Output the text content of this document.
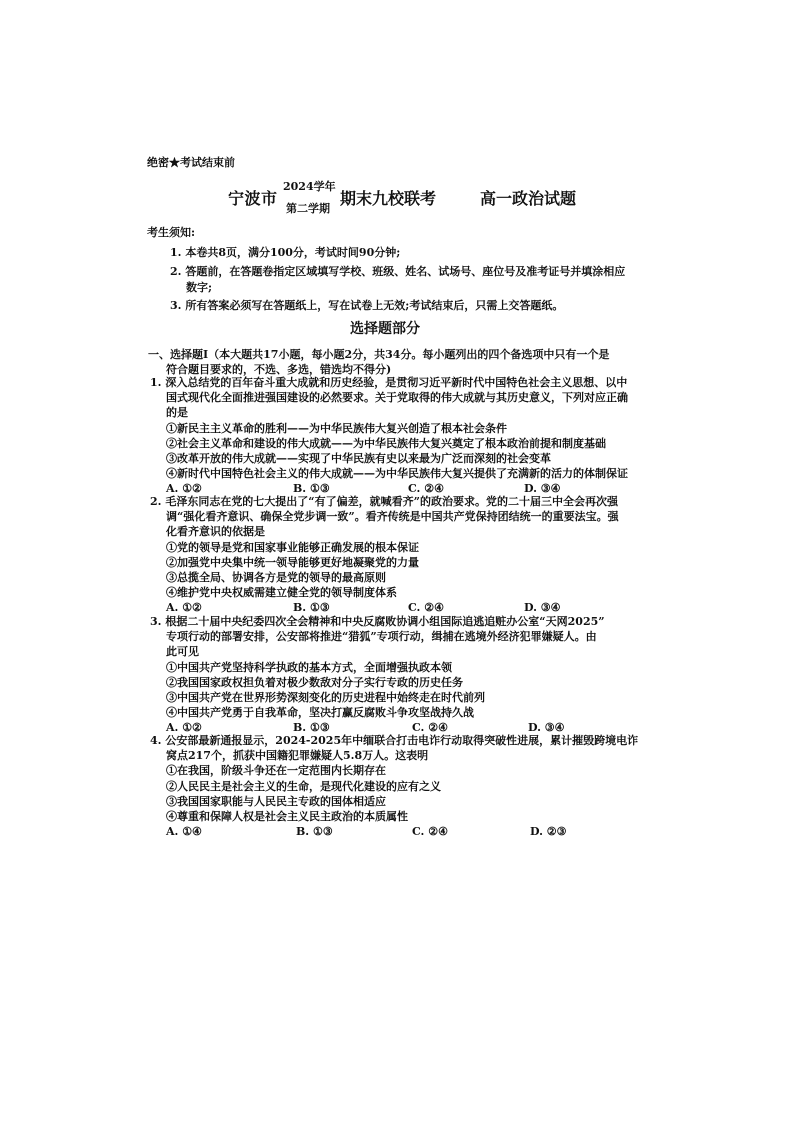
绝密★考试结束前
宁波市
2024学年
第二学期
期末九校联考	高一政治试题
考生须知:
1. 本卷共8页，满分100分，考试时间90分钟;
2. 答题前，在答题卷指定区域填写学校、班级、姓名、试场号、座位号及准考证号并填涂相应
数字;
3. 所有答案必须写在答题纸上，写在试卷上无效;考试结束后，只需上交答题纸。
选择题部分
一、选择题Ⅰ（本大题共17小题，每小题2分，共34分。每小题列出的四个备选项中只有一个是
符合题目要求的，不选、多选，错选均不得分)
1. 深入总结党的百年奋斗重大成就和历史经验，是贯彻习近平新时代中国特色社会主义思想、以中
国式现代化全面推进强国建设的必然要求。关于党取得的伟大成就与其历史意义，下列对应正确
的是
①新民主主义革命的胜利——为中华民族伟大复兴创造了根本社会条件
②社会主义革命和建设的伟大成就——为中华民族伟大复兴奠定了根本政治前提和制度基础
③改革开放的伟大成就——实现了中华民族有史以来最为广泛而深刻的社会变革
④新时代中国特色社会主义的伟大成就——为中华民族伟大复兴提供了充满新的活力的体制保证
A. ①②	B. ①③	C. ②④	D. ③④
2. 毛泽东同志在党的七大提出了“有了偏差，就喊看齐”的政治要求。党的二十届三中全会再次强
调“强化看齐意识、确保全党步调一致”。看齐传统是中国共产党保持团结统一的重要法宝。强
化看齐意识的依据是
①党的领导是党和国家事业能够正确发展的根本保证
②加强党中央集中统一领导能够更好地凝聚党的力量
③总揽全局、协调各方是党的领导的最高原则
④维护党中央权威需建立健全党的领导制度体系
A. ①②	B. ①③	C. ②④	D. ③④
3. 根据二十届中央纪委四次全会精神和中央反腐败协调小组国际追逃追赃办公室“天网2025”
专项行动的部署安排，公安部将推进“猎狐”专项行动，缉捕在逃境外经济犯罪嫌疑人。由
此可见
①中国共产党坚持科学执政的基本方式，全面增强执政本领
②我国国家政权担负着对极少数敌对分子实行专政的历史任务
③中国共产党在世界形势深刻变化的历史进程中始终走在时代前列
④中国共产党勇于自我革命，坚决打赢反腐败斗争攻坚战持久战
A. ①②	B. ①③	C. ②④	D. ③④
4. 公安部最新通报显示，2024-2025年中缅联合打击电诈行动取得突破性进展，累计摧毁跨境电诈
窝点217个，抓获中国籍犯罪嫌疑人5.8万人。这表明
①在我国，阶级斗争还在一定范围内长期存在
②人民民主是社会主义的生命，是现代化建设的应有之义
③我国国家职能与人民民主专政的国体相适应
④尊重和保障人权是社会主义民主政治的本质属性
A. ①④	B. ①③	C. ②④	D. ②③
